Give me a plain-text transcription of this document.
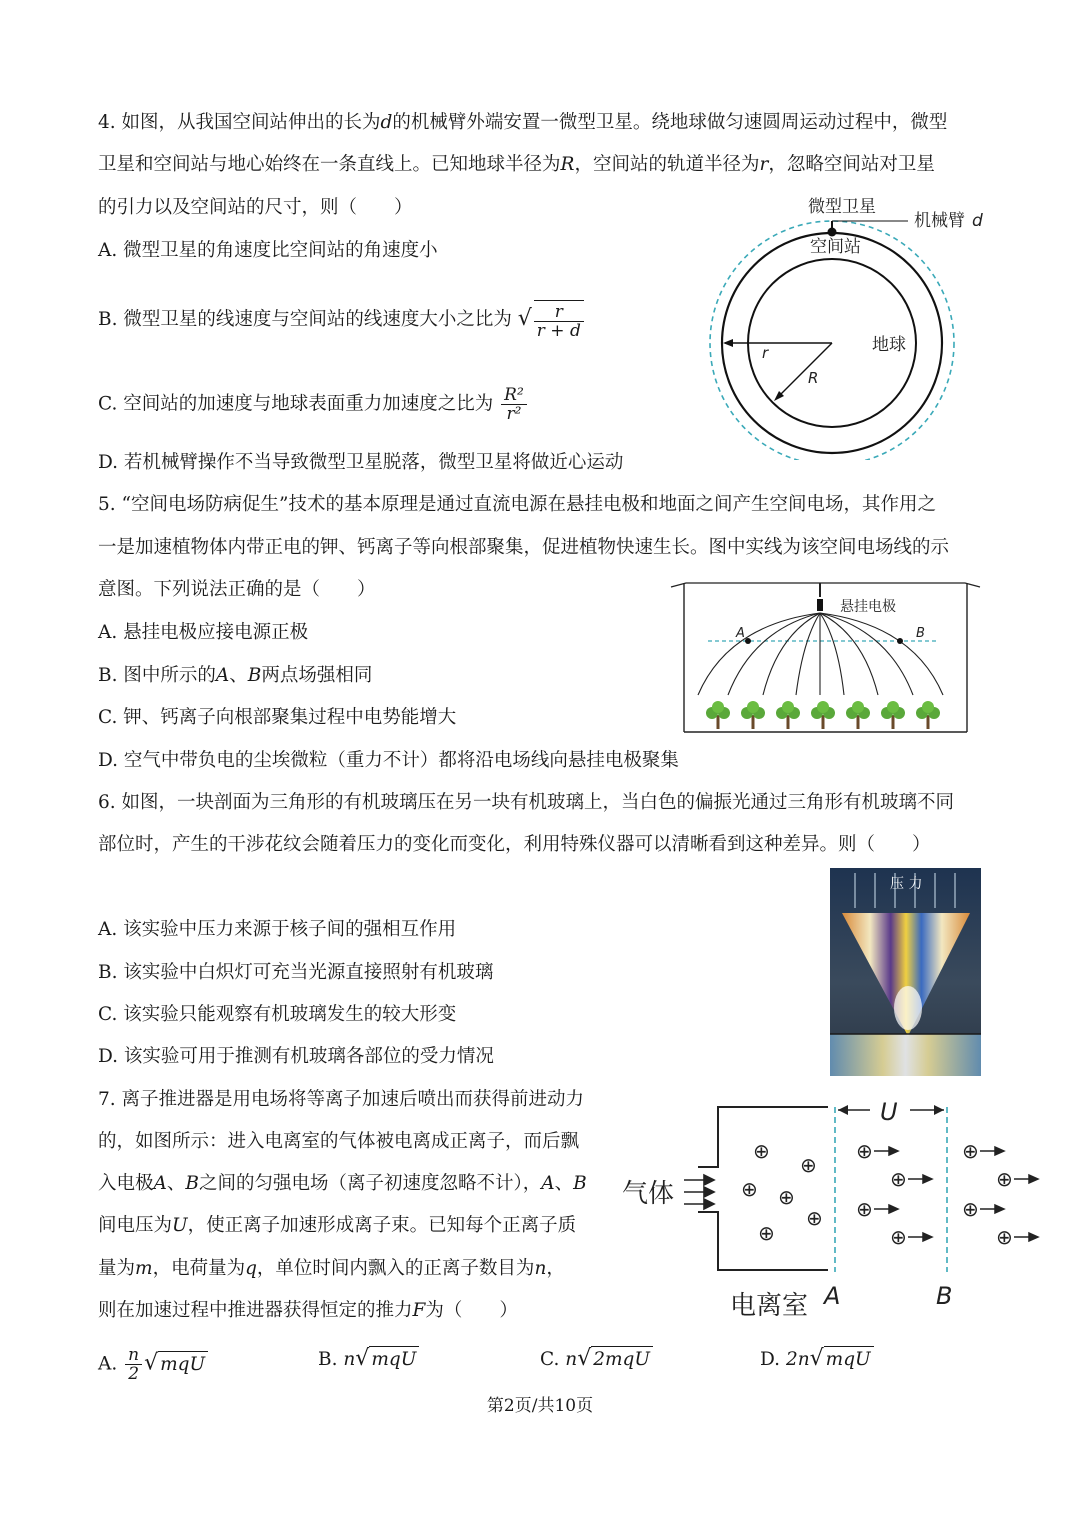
4. 如图，从我国空间站伸出的长为d的机械臂外端安置一微型卫星。绕地球做匀速圆周运动过程中，微型
卫星和空间站与地心始终在一条直线上。已知地球半径为R，空间站的轨道半径为r，忽略空间站对卫星
的引力以及空间站的尺寸，则（　　）
A. 微型卫星的角速度比空间站的角速度小
B. 微型卫星的线速度与空间站的线速度大小之比为 √ $\frac{r}{r + d}$
C. 空间站的加速度与地球表面重力加速度之比为 $\frac{\text{R²}}{\text{r²}}$
D. 若机械臂操作不当导致微型卫星脱落，微型卫星将做近心运动
微型卫星
机械臂 d
空间站
地球
r
R
5. “空间电场防病促生”技术的基本原理是通过直流电源在悬挂电极和地面之间产生空间电场，其作用之
一是加速植物体内带正电的钾、钙离子等向根部聚集，促进植物快速生长。图中实线为该空间电场线的示
意图。下列说法正确的是（　　）
A. 悬挂电极应接电源正极
B. 图中所示的A、B两点场强相同
C. 钾、钙离子向根部聚集过程中电势能增大
D. 空气中带负电的尘埃微粒（重力不计）都将沿电场线向悬挂电极聚集
悬挂电极
A	B
6. 如图，一块剖面为三角形的有机玻璃压在另一块有机玻璃上，当白色的偏振光通过三角形有机玻璃不同
部位时，产生的干涉花纹会随着压力的变化而变化，利用特殊仪器可以清晰看到这种差异。则（　　）
A. 该实验中压力来源于核子间的强相互作用
B. 该实验中白炽灯可充当光源直接照射有机玻璃
C. 该实验只能观察有机玻璃发生的较大形变
D. 该实验可用于推测有机玻璃各部位的受力情况
压 力
7. 离子推进器是用电场将等离子加速后喷出而获得前进动力
的，如图所示：进入电离室的气体被电离成正离子，而后飘
入电极A、B之间的匀强电场（离子初速度忽略不计），A、B
间电压为U，使正离子加速形成离子束。已知每个正离子质
量为m，电荷量为q，单位时间内飘入的正离子数目为n，
则在加速过程中推进器获得恒定的推力F为（　　）
A. $\frac{n}{2}$ √ mqU	B. n√ mqU	C. n√ 2mqU	D. 2n√ mqU
U
气体
⊕
⊕
⊕ ⊕
⊕
⊕
⊕
⊕
⊕
⊕
⊕
⊕
⊕
⊕
电离室 A	B
第2页/共10页
